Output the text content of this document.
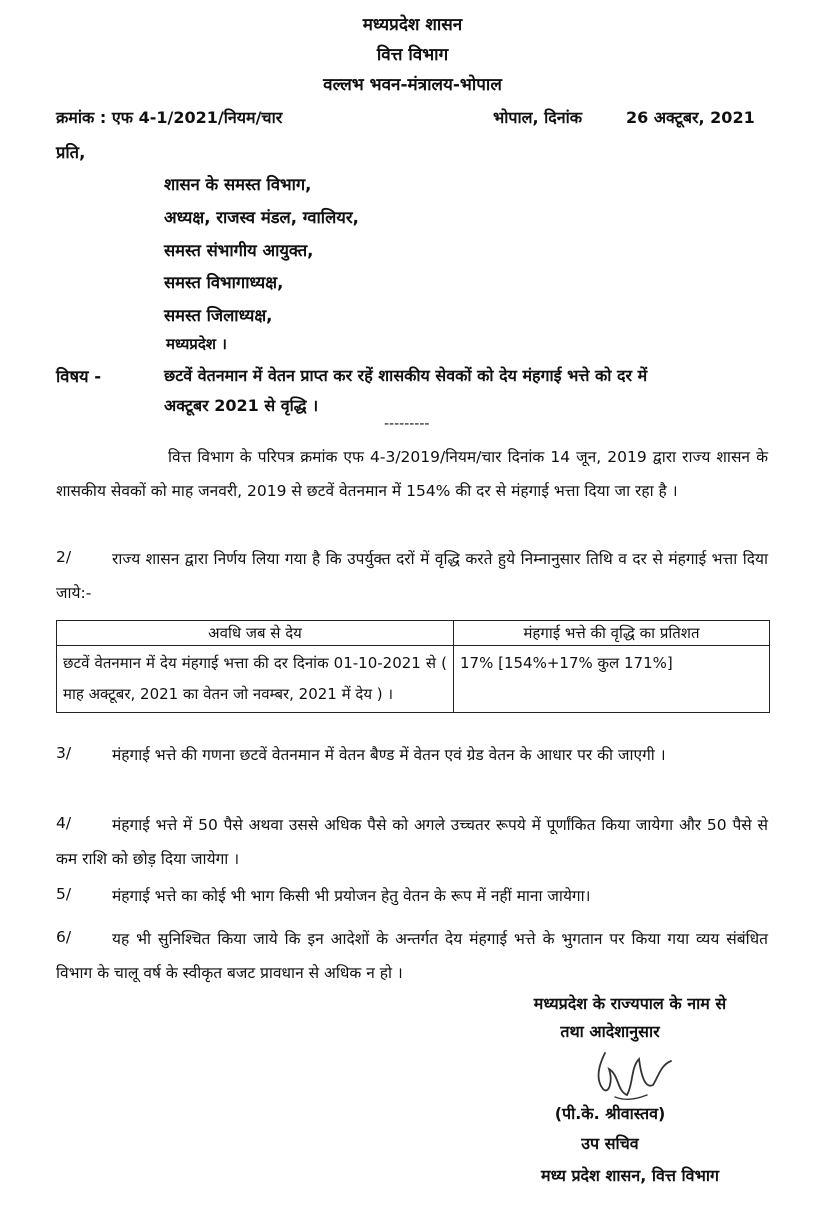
मध्यप्रदेश शासन
वित्त विभाग
वल्लभ भवन-मंत्रालय-भोपाल
क्रमांक : एफ 4-1/2021/नियम/चार	भोपाल, दिनांक	26 अक्टूबर, 2021
प्रति,
शासन के समस्त विभाग,
अध्यक्ष, राजस्व मंडल, ग्वालियर,
समस्त संभागीय आयुक्त,
समस्त विभागाध्यक्ष,
समस्त जिलाध्यक्ष,
मध्यप्रदेश ।
विषय -	छटवें वेतनमान में वेतन प्राप्त कर रहें शासकीय सेवकों को देय मंहगाई भत्ते को दर में
अक्टूबर 2021 से वृद्धि ।
---------
वित्त विभाग के परिपत्र क्रमांक एफ 4-3/2019/नियम/चार दिनांक 14 जून, 2019 द्वारा राज्य शासन के शासकीय सेवकों को माह जनवरी, 2019 से छटवें वेतनमान में 154% की दर से मंहगाई भत्ता दिया जा रहा है ।
2/	राज्य शासन द्वारा निर्णय लिया गया है कि उपर्युक्त दरों में वृद्धि करते हुये निम्नानुसार तिथि व दर से मंहगाई भत्ता दिया जाये:-
अवधि जब से देय	मंहगाई भत्ते की वृद्धि का प्रतिशत
छटवें वेतनमान में देय मंहगाई भत्ता की दर दिनांक 01-10-2021 से ( माह अक्टूबर, 2021 का वेतन जो नवम्बर, 2021 में देय ) ।	17% [154%+17% कुल 171%]
3/	मंहगाई भत्ते की गणना छटवें वेतनमान में वेतन बैण्ड में वेतन एवं ग्रेड वेतन के आधार पर की जाएगी ।
4/	मंहगाई भत्ते में 50 पैसे अथवा उससे अधिक पैसे को अगले उच्चतर रूपये में पूर्णांकित किया जायेगा और 50 पैसे से कम राशि को छोड़ दिया जायेगा ।
5/	मंहगाई भत्ते का कोई भी भाग किसी भी प्रयोजन हेतु वेतन के रूप में नहीं माना जायेगा।
6/	यह भी सुनिश्चित किया जाये कि इन आदेशों के अन्तर्गत देय मंहगाई भत्ते के भुगतान पर किया गया व्यय संबंधित विभाग के चालू वर्ष के स्वीकृत बजट प्रावधान से अधिक न हो ।
मध्यप्रदेश के राज्यपाल के नाम से
तथा आदेशानुसार
(पी.के. श्रीवास्तव)
उप सचिव
मध्य प्रदेश शासन, वित्त विभाग
